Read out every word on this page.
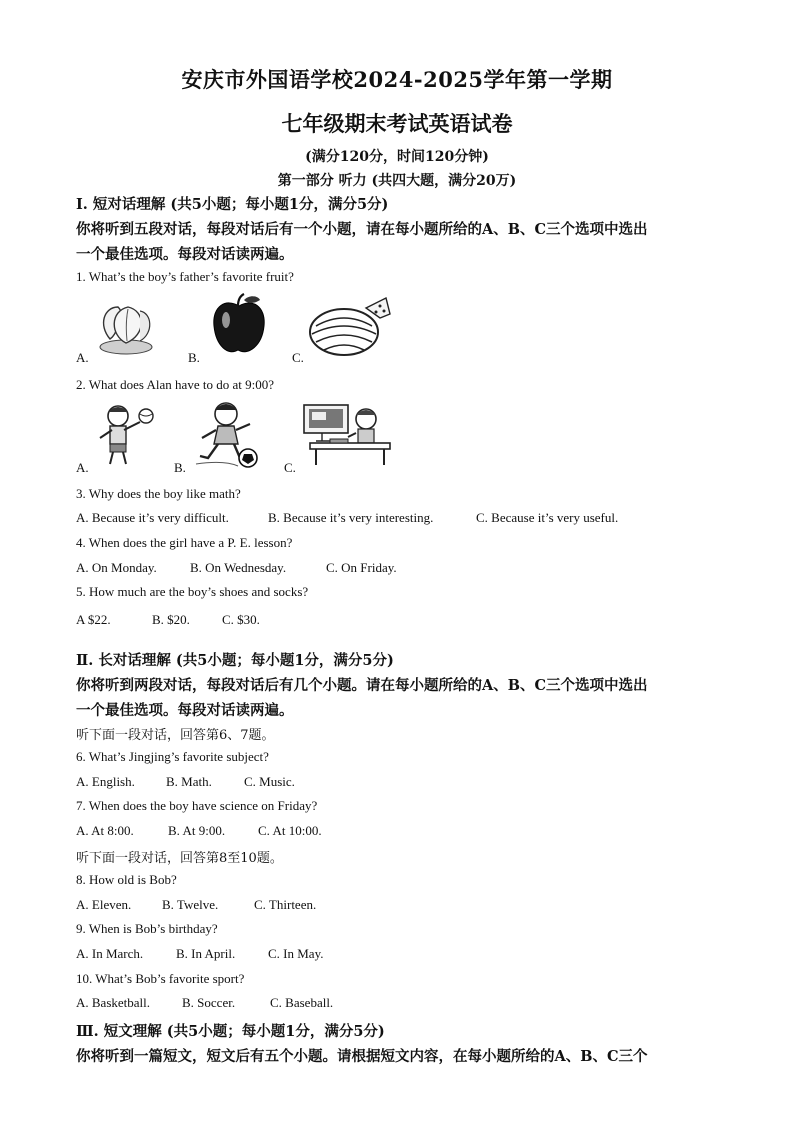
安庆市外国语学校2024-2025学年第一学期
七年级期末考试英语试卷
(满分120分，时间120分钟)
第一部分 听力 (共四大题，满分20万)
I. 短对话理解 (共5小题；每小题1分，满分5分)
你将听到五段对话，每段对话后有一个小题，请在每小题所给的A、B、C三个选项中选出
一个最佳选项。每段对话读两遍。
1. What’s the boy’s father’s favorite fruit?
A.	B.	C.
2. What does Alan have to do at 9:00?
A.	B.	C.
3. Why does the boy like math?
A. Because it’s very difficult.	B. Because it’s very interesting.	C. Because it’s very useful.
4. When does the girl have a P. E. lesson?
A. On Monday.	B. On Wednesday.	C. On Friday.
5. How much are the boy’s shoes and socks?
A $22.	B. $20. C. $30.
Ⅱ. 长对话理解 (共5小题；每小题1分，满分5分)
你将听到两段对话，每段对话后有几个小题。请在每小题所给的A、B、C三个选项中选出
一个最佳选项。每段对话读两遍。
听下面一段对话，回答第6、7题。
6. What’s Jingjing’s favorite subject?
A. English. B. Math. C. Music.
7. When does the boy have science on Friday?
A. At 8:00.	B. At 9:00.	C. At 10:00.
听下面一段对话，回答第8至10题。
8. How old is Bob?
A. Eleven. B. Twelve.	C. Thirteen.
9. When is Bob’s birthday?
A. In March.	B. In April.	C. In May.
10. What’s Bob’s favorite sport?
A. Basketball. B. Soccer.	C. Baseball.
Ⅲ. 短文理解 (共5小题；每小题1分，满分5分)
你将听到一篇短文，短文后有五个小题。请根据短文内容，在每小题所给的A、B、C三个
